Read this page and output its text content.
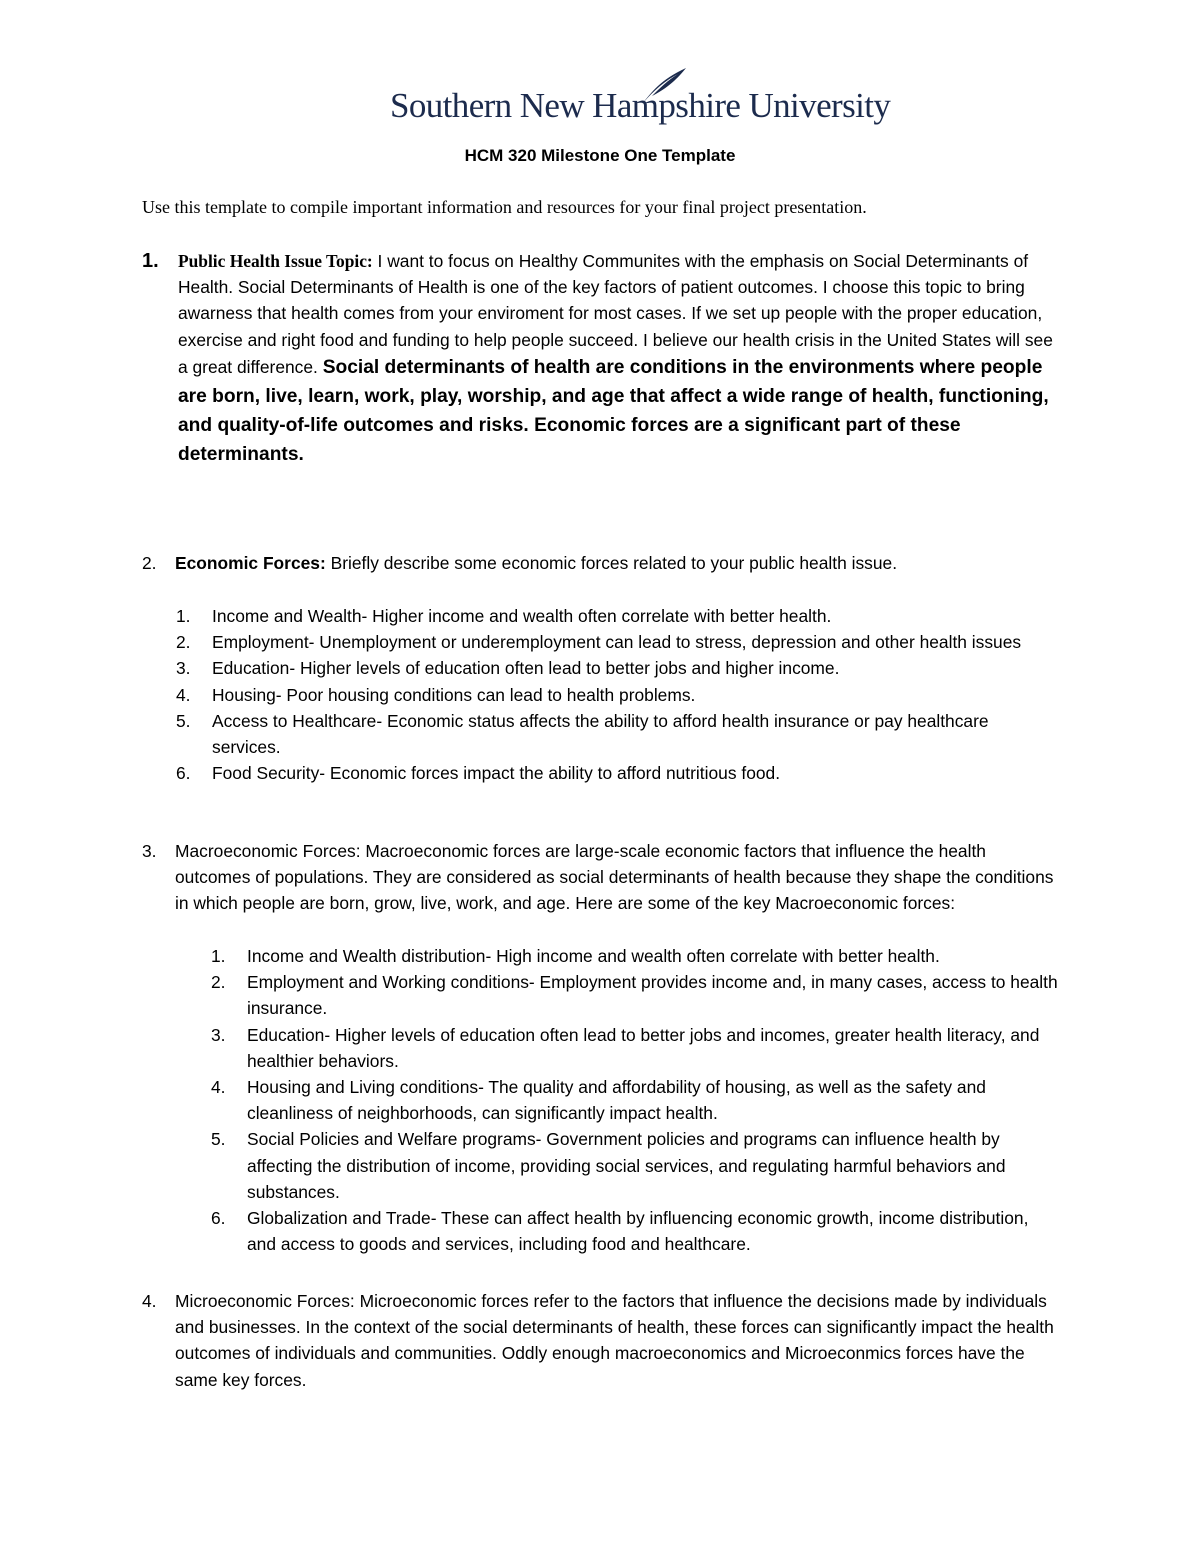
Southern New Hampshire University
HCM 320 Milestone One Template
Use this template to compile important information and resources for your final project presentation.
1. Public Health Issue Topic: I want to focus on Healthy Communites with the emphasis on Social Determinants of Health. Social Determinants of Health is one of the key factors of patient outcomes. I choose this topic to bring awarness that health comes from your enviroment for most cases. If we set up people with the proper education, exercise and right food and funding to help people succeed. I believe our health crisis in the United States will see a great difference. Social determinants of health are conditions in the environments where people are born, live, learn, work, play, worship, and age that affect a wide range of health, functioning, and quality-of-life outcomes and risks. Economic forces are a significant part of these determinants.
2. Economic Forces: Briefly describe some economic forces related to your public health issue.
1. Income and Wealth- Higher income and wealth often correlate with better health.
2. Employment- Unemployment or underemployment can lead to stress, depression and other health issues
3. Education- Higher levels of education often lead to better jobs and higher income.
4. Housing- Poor housing conditions can lead to health problems.
5. Access to Healthcare- Economic status affects the ability to afford health insurance or pay healthcare services.
6. Food Security- Economic forces impact the ability to afford nutritious food.
3. Macroeconomic Forces: Macroeconomic forces are large-scale economic factors that influence the health outcomes of populations. They are considered as social determinants of health because they shape the conditions in which people are born, grow, live, work, and age. Here are some of the key Macroeconomic forces:
1. Income and Wealth distribution- High income and wealth often correlate with better health.
2. Employment and Working conditions- Employment provides income and, in many cases, access to health insurance.
3. Education- Higher levels of education often lead to better jobs and incomes, greater health literacy, and healthier behaviors.
4. Housing and Living conditions- The quality and affordability of housing, as well as the safety and cleanliness of neighborhoods, can significantly impact health.
5. Social Policies and Welfare programs- Government policies and programs can influence health by affecting the distribution of income, providing social services, and regulating harmful behaviors and substances.
6. Globalization and Trade- These can affect health by influencing economic growth, income distribution, and access to goods and services, including food and healthcare.
4. Microeconomic Forces: Microeconomic forces refer to the factors that influence the decisions made by individuals and businesses. In the context of the social determinants of health, these forces can significantly impact the health outcomes of individuals and communities. Oddly enough macroeconomics and Microeconmics forces have the same key forces.
